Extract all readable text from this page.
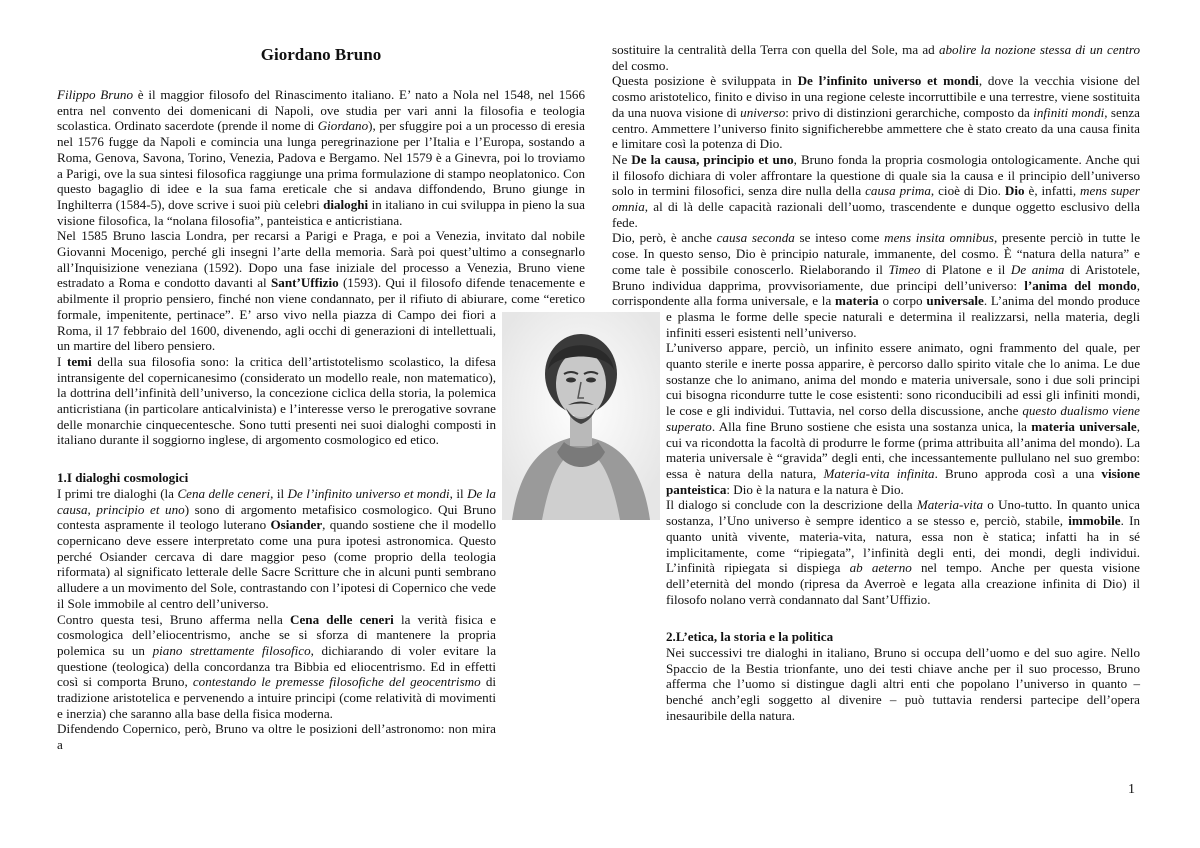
Giordano Bruno

Filippo Bruno è il maggior filosofo del Rinascimento italiano. E’ nato a Nola nel 1548, nel 1566 entra nel convento dei domenicani di Napoli, ove studia per vari anni la filosofia e teologia scolastica. Ordinato sacerdote (prende il nome di Giordano), per sfuggire poi a un processo di eresia nel 1576 fugge da Napoli e comincia una lunga peregrinazione per l’Italia e l’Europa, sostando a Roma, Genova, Savona, Torino, Venezia, Padova e Bergamo. Nel 1579 è a Ginevra, poi lo troviamo a Parigi, ove la sua sintesi filosofica raggiunge una prima formulazione di stampo neoplatonico. Con questo bagaglio di idee e la sua fama ereticale che si andava diffondendo, Bruno giunge in Inghilterra (1584-5), dove scrive i suoi più celebri dialoghi in italiano in cui sviluppa in pieno la sua visione filosofica, la “nolana filosofia”, panteistica e anticristiana.

Nel 1585 Bruno lascia Londra, per recarsi a Parigi e Praga, e poi a Venezia, invitato dal nobile Giovanni Mocenigo, perché gli insegni l’arte della memoria. Sarà poi quest’ultimo a consegnarlo all’Inquisizione veneziana (1592). Dopo una fase iniziale del processo a Venezia, Bruno viene estradato a Roma e condotto davanti al Sant’Uffizio (1593). Qui il filosofo difende tenacemente e abilmente il proprio pensiero, finché non viene condannato, per il rifiuto di abiurare, come “eretico formale, impenitente, pertinace”. E’ arso vivo nella piazza di Campo dei fiori a Roma, il 17 febbraio del 1600, divenendo, agli occhi di generazioni di intellettuali, un martire del libero pensiero.

I temi della sua filosofia sono: la critica dell’artistotelismo scolastico, la difesa intransigente del copernicanesimo (considerato un modello reale, non matematico), la dottrina dell’infinità dell’universo, la concezione ciclica della storia, la polemica anticristiana (in particolare anticalvinista) e l’interesse verso le prerogative sovrane delle monarchie cinquecentesche. Sono tutti presenti nei suoi dialoghi composti in italiano durante il soggiorno inglese, di argomento cosmologico ed etico.

1.I dialoghi cosmologici

I primi tre dialoghi (la Cena delle ceneri, il De l’infinito universo et mondi, il De la causa, principio et uno) sono di argomento metafisico cosmologico. Qui Bruno contesta aspramente il teologo luterano Osiander, quando sostiene che il modello copernicano deve essere interpretato come una pura ipotesi astronomica. Questo perché Osiander cercava di dare maggior peso (come proprio della teologia riformata) al significato letterale delle Sacre Scritture che in alcuni punti sembrano alludere a un movimento del Sole, contrastando con l’ipotesi di Copernico che vede il Sole immobile al centro dell’universo.

Contro questa tesi, Bruno afferma nella Cena delle ceneri la verità fisica e cosmologica dell’eliocentrismo, anche se si sforza di mantenere la propria polemica su un piano strettamente filosofico, dichiarando di voler evitare la questione (teologica) della concordanza tra Bibbia ed eliocentrismo. Ed in effetti così si comporta Bruno, contestando le premesse filosofiche del geocentrismo di tradizione aristotelica e pervenendo a intuire principi (come relatività di movimenti e inerzia) che saranno alla base della fisica moderna.

Difendendo Copernico, però, Bruno va oltre le posizioni dell’astronomo: non mira a

sostituire la centralità della Terra con quella del Sole, ma ad abolire la nozione stessa di un centro del cosmo.

Questa posizione è sviluppata in De l’infinito universo et mondi, dove la vecchia visione del cosmo aristotelico, finito e diviso in una regione celeste incorruttibile e una terrestre, viene sostituita da una nuova visione di universo: privo di distinzioni gerarchiche, composto da infiniti mondi, senza centro. Ammettere l’universo finito significherebbe ammettere che è stato creato da una causa finita e limitare così la potenza di Dio.

Ne De la causa, principio et uno, Bruno fonda la propria cosmologia ontologicamente. Anche qui il filosofo dichiara di voler affrontare la questione di quale sia la causa e il principio dell’universo solo in termini filosofici, senza dire nulla della causa prima, cioè di Dio. Dio è, infatti, mens super omnia, al di là delle capacità razionali dell’uomo, trascendente e dunque oggetto esclusivo della fede.

Dio, però, è anche causa seconda se inteso come mens insita omnibus, presente perciò in tutte le cose. In questo senso, Dio è principio naturale, immanente, del cosmo. È “natura della natura” e come tale è possibile conoscerlo. Rielaborando il Timeo di Platone e il De anima di Aristotele, Bruno individua dapprima, provvisoriamente, due principi dell’universo: l’anima del mondo, corrispondente alla forma universale, e la materia o corpo universale. L’anima del mondo produce e plasma le forme delle specie naturali e determina il realizzarsi, nella materia, degli infiniti esseri esistenti nell’universo.

L’universo appare, perciò, un infinito essere animato, ogni frammento del quale, per quanto sterile e inerte possa apparire, è percorso dallo spirito vitale che lo anima. Le due sostanze che lo animano, anima del mondo e materia universale, sono i due soli principi cui bisogna ricondurre tutte le cose esistenti: sono riconducibili ad essi gli infiniti mondi, le cose e gli individui. Tuttavia, nel corso della discussione, anche questo dualismo viene superato. Alla fine Bruno sostiene che esista una sostanza unica, la materia universale, cui va ricondotta la facoltà di produrre le forme (prima attribuita all’anima del mondo). La materia universale è “gravida” degli enti, che incessantemente pullulano nel suo grembo: essa è natura della natura, Materia-vita infinita. Bruno approda così a una visione panteistica: Dio è la natura e la natura è Dio.

Il dialogo si conclude con la descrizione della Materia-vita o Uno-tutto. In quanto unica sostanza, l’Uno universo è sempre identico a se stesso e, perciò, stabile, immobile. In quanto unità vivente, materia-vita, natura, essa non è statica; infatti ha in sé implicitamente, come “ripiegata”, l’infinità degli enti, dei mondi, degli individui. L’infinità ripiegata si dispiega ab aeterno nel tempo. Anche per questa visione dell’eternità del mondo (ripresa da Averroè e legata alla creazione infinita di Dio) il filosofo nolano verrà condannato dal Sant’Uffizio.

2.L’etica, la storia e la politica

Nei successivi tre dialoghi in italiano, Bruno si occupa dell’uomo e del suo agire. Nello Spaccio de la Bestia trionfante, uno dei testi chiave anche per il suo processo, Bruno afferma che l’uomo si distingue dagli altri enti che popolano l’universo in quanto – benché anch’egli soggetto al divenire – può tuttavia rendersi partecipe dell’opera inesauribile della natura.

1
